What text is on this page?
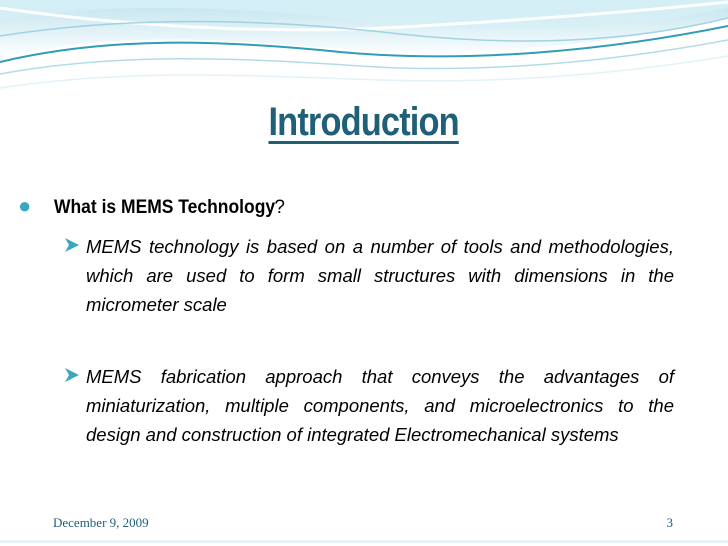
Introduction
●	What is MEMS Technology ?

MEMS technology is based on a number of tools and methodologies, which are used to form small structures with dimensions in the micrometer scale

MEMS fabrication approach that conveys the advantages of miniaturization, multiple components, and microelectronics to the design and construction of integrated Electromechanical systems

December 9, 2009	3
